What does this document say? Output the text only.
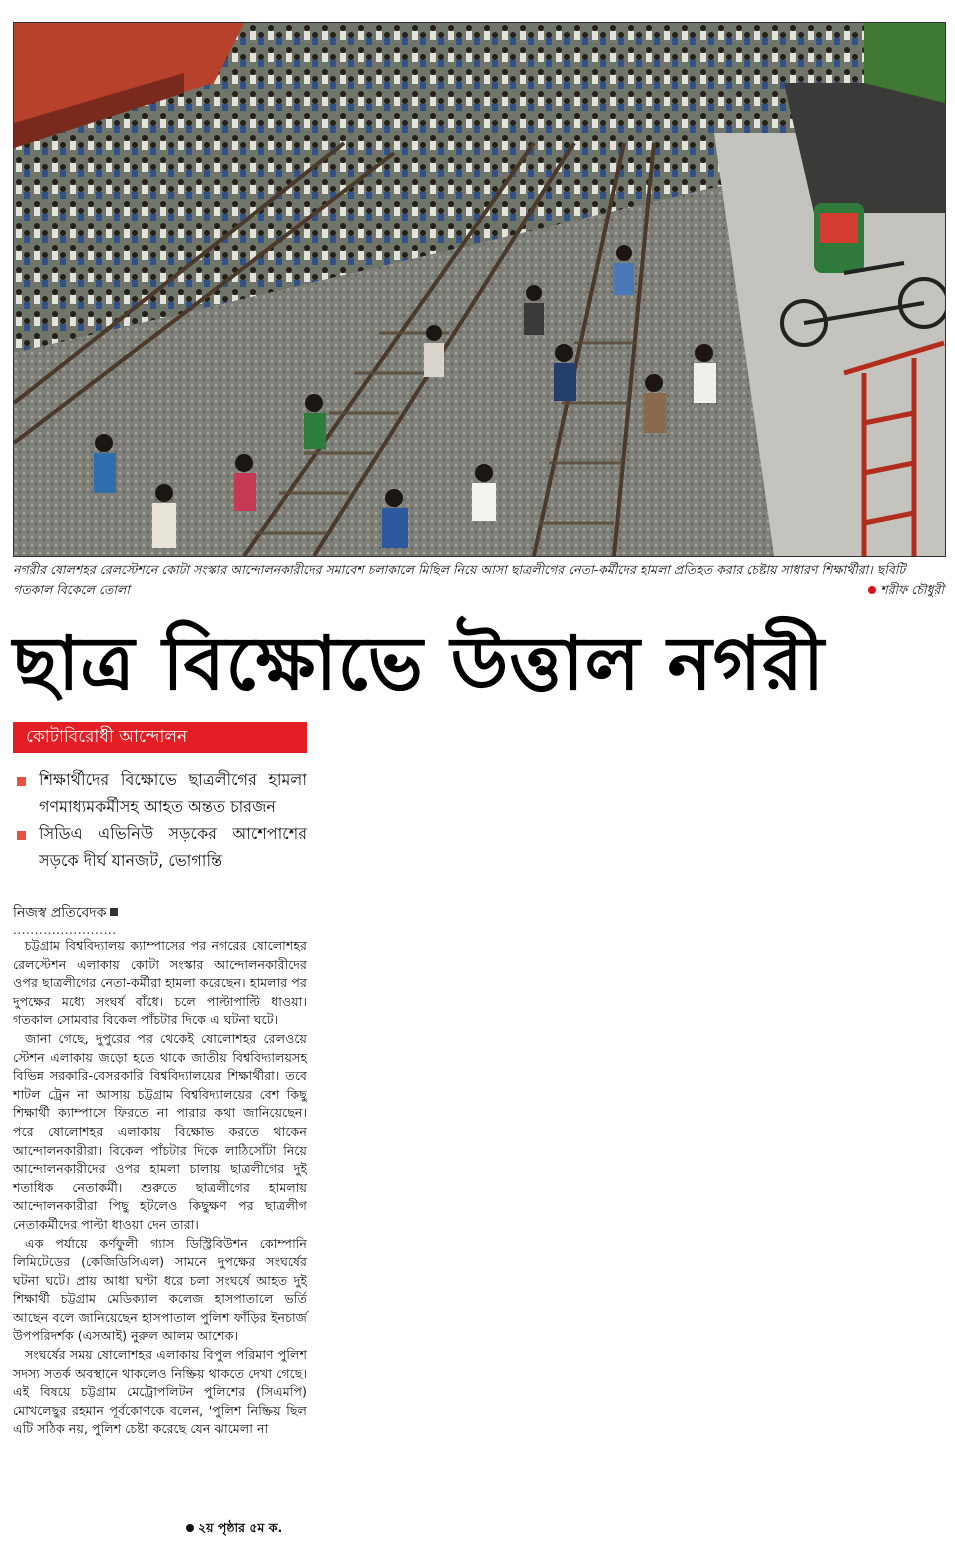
নগরীর ষোলশহর রেলস্টেশনে কোটা সংস্কার আন্দোলনকারীদের সমাবেশ চলাকালে মিছিল নিয়ে আসা ছাত্রলীগের নেতা-কর্মীদের হামলা প্রতিহত করার চেষ্টায় সাধারণ শিক্ষার্থীরা। ছবিটি গতকাল বিকেলে তোলা	শরীফ চৌধুরী
ছাত্র বিক্ষোভে উত্তাল নগরী
কোটাবিরোধী আন্দোলন
শিক্ষার্থীদের বিক্ষোভে ছাত্রলীগের হামলা গণমাধ্যমকর্মীসহ আহত অন্তত চারজন
সিডিএ এভিনিউ সড়কের আশেপাশের সড়কে দীর্ঘ যানজট, ভোগান্তি
নিজস্ব প্রতিবেদক
........................

চট্টগ্রাম বিশ্ববিদ্যালয় ক্যাম্পাসের পর নগরের ষোলোশহর রেলস্টেশন এলাকায় কোটা সংস্কার আন্দোলনকারীদের ওপর ছাত্রলীগের নেতা-কর্মীরা হামলা করেছেন। হামলার পর দুপক্ষের মধ্যে সংঘর্ষ বাঁধে। চলে পাল্টাপাল্টি ধাওয়া। গতকাল সোমবার বিকেল পাঁচটার দিকে এ ঘটনা ঘটে।

জানা গেছে, দুপুরের পর থেকেই ষোলোশহর রেলওয়ে স্টেশন এলাকায় জড়ো হতে থাকে জাতীয় বিশ্ববিদ্যালয়সহ বিভিন্ন সরকারি-বেসরকারি বিশ্ববিদ্যালয়ের শিক্ষার্থীরা। তবে শাটল ট্রেন না আসায় চট্টগ্রাম বিশ্ববিদ্যালয়ের বেশ কিছু শিক্ষার্থী ক্যাম্পাসে ফিরতে না পারার কথা জানিয়েছেন। পরে ষোলোশহর এলাকায় বিক্ষোভ করতে থাকেন আন্দোলনকারীরা। বিকেল পাঁচটার দিকে লাঠিসোঁটা নিয়ে আন্দোলনকারীদের ওপর হামলা চালায় ছাত্রলীগের দুই শতাধিক নেতাকর্মী। শুরুতে ছাত্রলীগের হামলায় আন্দোলনকারীরা পিছু হটলেও কিছুক্ষণ পর ছাত্রলীগ নেতাকর্মীদের পাল্টা ধাওয়া দেন তারা।

এক পর্যায়ে কর্ণফুলী গ্যাস ডিস্ট্রিবিউশন কোম্পানি লিমিটেডের (কেজিডিসিএল) সামনে দুপক্ষের সংঘর্ষের ঘটনা ঘটে। প্রায় আধা ঘণ্টা ধরে চলা সংঘর্ষে আহত দুই শিক্ষার্থী চট্টগ্রাম মেডিক্যাল কলেজ হাসপাতালে ভর্তি আছেন বলে জানিয়েছেন হাসপাতাল পুলিশ ফাঁড়ির ইনচার্জ উপপরিদর্শক (এসআই) নুরুল আলম আশেক।

সংঘর্ষের সময় ষোলোশহর এলাকায় বিপুল পরিমাণ পুলিশ সদস্য সতর্ক অবস্থানে থাকলেও নিষ্ক্রিয় থাকতে দেখা গেছে। এই বিষয়ে চট্টগ্রাম মেট্রোপলিটন পুলিশের (সিএমপি) মোখলেছুর রহমান পূর্বকোণকে বলেন, 'পুলিশ নিষ্ক্রিয় ছিল এটি সঠিক নয়, পুলিশ চেষ্টা করেছে যেন ঝামেলা না

২য় পৃষ্ঠার ৫ম ক.
